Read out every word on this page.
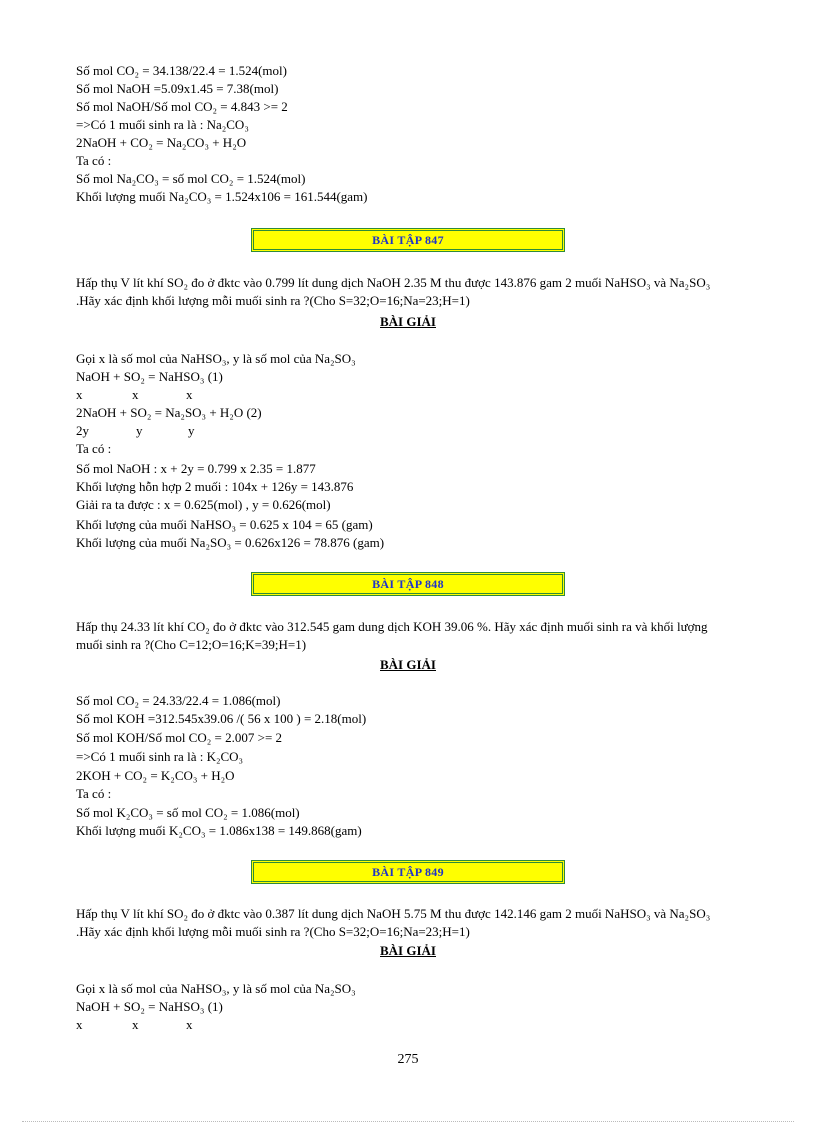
Số mol CO₂ = 34.138/22.4 = 1.524(mol)
Số mol NaOH =5.09x1.45 = 7.38(mol)
Số mol NaOH/Số mol CO₂ = 4.843 >= 2
=>Có 1 muối sinh ra là : Na₂CO₃
2NaOH + CO₂ = Na₂CO₃ + H₂O
Ta có :
Số mol Na₂CO₃ = số mol CO₂ = 1.524(mol)
Khối lượng muối Na₂CO₃ = 1.524x106 = 161.544(gam)
BÀI TẬP 847
Hấp thụ V lít khí SO₂ đo ở đktc vào 0.799 lít dung dịch NaOH 2.35 M thu được 143.876 gam 2 muối NaHSO₃ và Na₂SO₃ .Hãy xác định khối lượng mỗi muối sinh ra ?(Cho S=32;O=16;Na=23;H=1)
BÀI GIẢI
Gọi x là số mol của NaHSO₃, y là số mol của Na₂SO₃
NaOH + SO₂ = NaHSO₃ (1)
x	x	x
2NaOH + SO₂ = Na₂SO₃ + H₂O (2)
2y	y	y
Ta có :
Số mol NaOH : x + 2y = 0.799 x 2.35 = 1.877
Khối lượng hỗn hợp 2 muối : 104x + 126y = 143.876
Giải ra ta được : x = 0.625(mol) , y = 0.626(mol)
Khối lượng của muối NaHSO₃ = 0.625 x 104 = 65 (gam)
Khối lượng của muối Na₂SO₃ = 0.626x126 = 78.876 (gam)
BÀI TẬP 848
Hấp thụ 24.33 lít khí CO₂ đo ở đktc vào 312.545 gam dung dịch KOH 39.06 %. Hãy xác định muối sinh ra và khối lượng muối sinh ra ?(Cho C=12;O=16;K=39;H=1)
BÀI GIẢI
Số mol CO₂ = 24.33/22.4 = 1.086(mol)
Số mol KOH =312.545x39.06 /( 56 x 100 ) = 2.18(mol)
Số mol KOH/Số mol CO₂ = 2.007 >= 2
=>Có 1 muối sinh ra là : K₂CO₃
2KOH + CO₂ = K₂CO₃ + H₂O
Ta có :
Số mol K₂CO₃ = số mol CO₂ = 1.086(mol)
Khối lượng muối K₂CO₃ = 1.086x138 = 149.868(gam)
BÀI TẬP 849
Hấp thụ V lít khí SO₂ đo ở đktc vào 0.387 lít dung dịch NaOH 5.75 M thu được 142.146 gam 2 muối NaHSO₃ và Na₂SO₃ .Hãy xác định khối lượng mỗi muối sinh ra ?(Cho S=32;O=16;Na=23;H=1)
BÀI GIẢI
Gọi x là số mol của NaHSO₃, y là số mol của Na₂SO₃
NaOH + SO₂ = NaHSO₃ (1)
x	x	x
275
